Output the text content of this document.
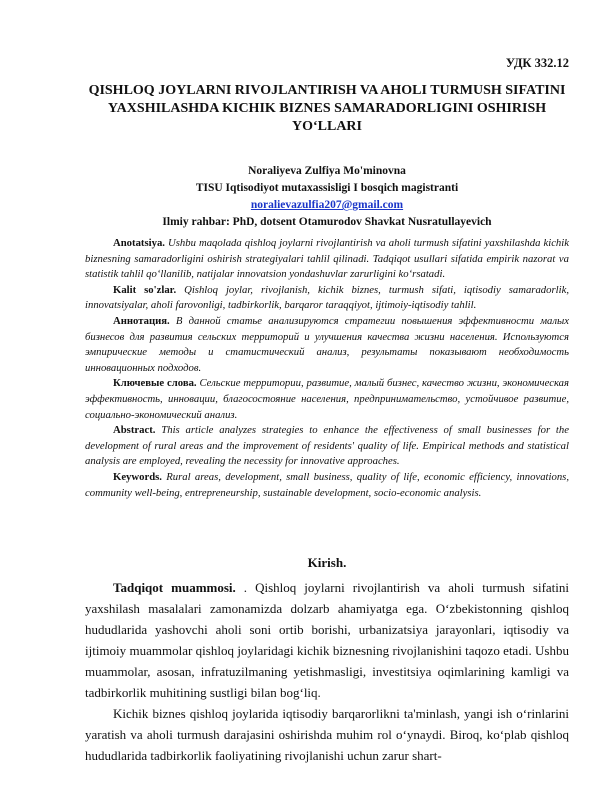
УДК 332.12
QISHLOQ JOYLARNI RIVOJLANTIRISH VA AHOLI TURMUSH SIFATINI
YAXSHILASHDA KICHIK BIZNES SAMARADORLIGINI OSHIRISH
YO‘LLARI
Noraliyeva Zulfiya Mo'minovna
TISU Iqtisodiyot mutaxassisligi I bosqich magistranti
noralievazulfia207@gmail.com
Ilmiy rahbar: PhD, dotsent Otamurodov Shavkat Nusratullayevich

Anotatsiya. Ushbu maqolada qishloq joylarni rivojlantirish va aholi turmush sifatini yaxshilashda kichik biznesning samaradorligini oshirish strategiyalari tahlil qilinadi. Tadqiqot usullari sifatida empirik nazorat va statistik tahlil qo‘llanilib, natijalar innovatsion yondashuvlar zarurligini ko‘rsatadi.

Kalit so'zlar. Qishloq joylar, rivojlanish, kichik biznes, turmush sifati, iqtisodiy samaradorlik, innovatsiyalar, aholi farovonligi, tadbirkorlik, barqaror taraqqiyot, ijtimoiy-iqtisodiy tahlil.

Аннотация. В данной статье анализируются стратегии повышения эффективности малых бизнесов для развития сельских территорий и улучшения качества жизни населения. Используются эмпирические методы и статистический анализ, результаты показывают необходимость инновационных подходов.

Ключевые слова. Сельские территории, развитие, малый бизнес, качество жизни, экономическая эффективность, инновации, благосостояние населения, предпринимательство, устойчивое развитие, социально-экономический анализ.

Abstract. This article analyzes strategies to enhance the effectiveness of small businesses for the development of rural areas and the improvement of residents' quality of life. Empirical methods and statistical analysis are employed, revealing the necessity for innovative approaches.

Keywords. Rural areas, development, small business, quality of life, economic efficiency, innovations, community well-being, entrepreneurship, sustainable development, socio-economic analysis.

Kirish.

Tadqiqot muammosi. . Qishloq joylarni rivojlantirish va aholi turmush sifatini yaxshilash masalalari zamonamizda dolzarb ahamiyatga ega. O‘zbekistonning qishloq hududlarida yashovchi aholi soni ortib borishi, urbanizatsiya jarayonlari, iqtisodiy va ijtimoiy muammolar qishloq joylaridagi kichik biznesning rivojlanishini taqozo etadi. Ushbu muammolar, asosan, infratuzilmaning yetishmasligi, investitsiya oqimlarining kamligi va tadbirkorlik muhitining sustligi bilan bog‘liq.

Kichik biznes qishloq joylarida iqtisodiy barqarorlikni ta'minlash, yangi ish o‘rinlarini yaratish va aholi turmush darajasini oshirishda muhim rol o‘ynaydi. Biroq, ko‘plab qishloq hududlarida tadbirkorlik faoliyatining rivojlanishi uchun zarur shart-
